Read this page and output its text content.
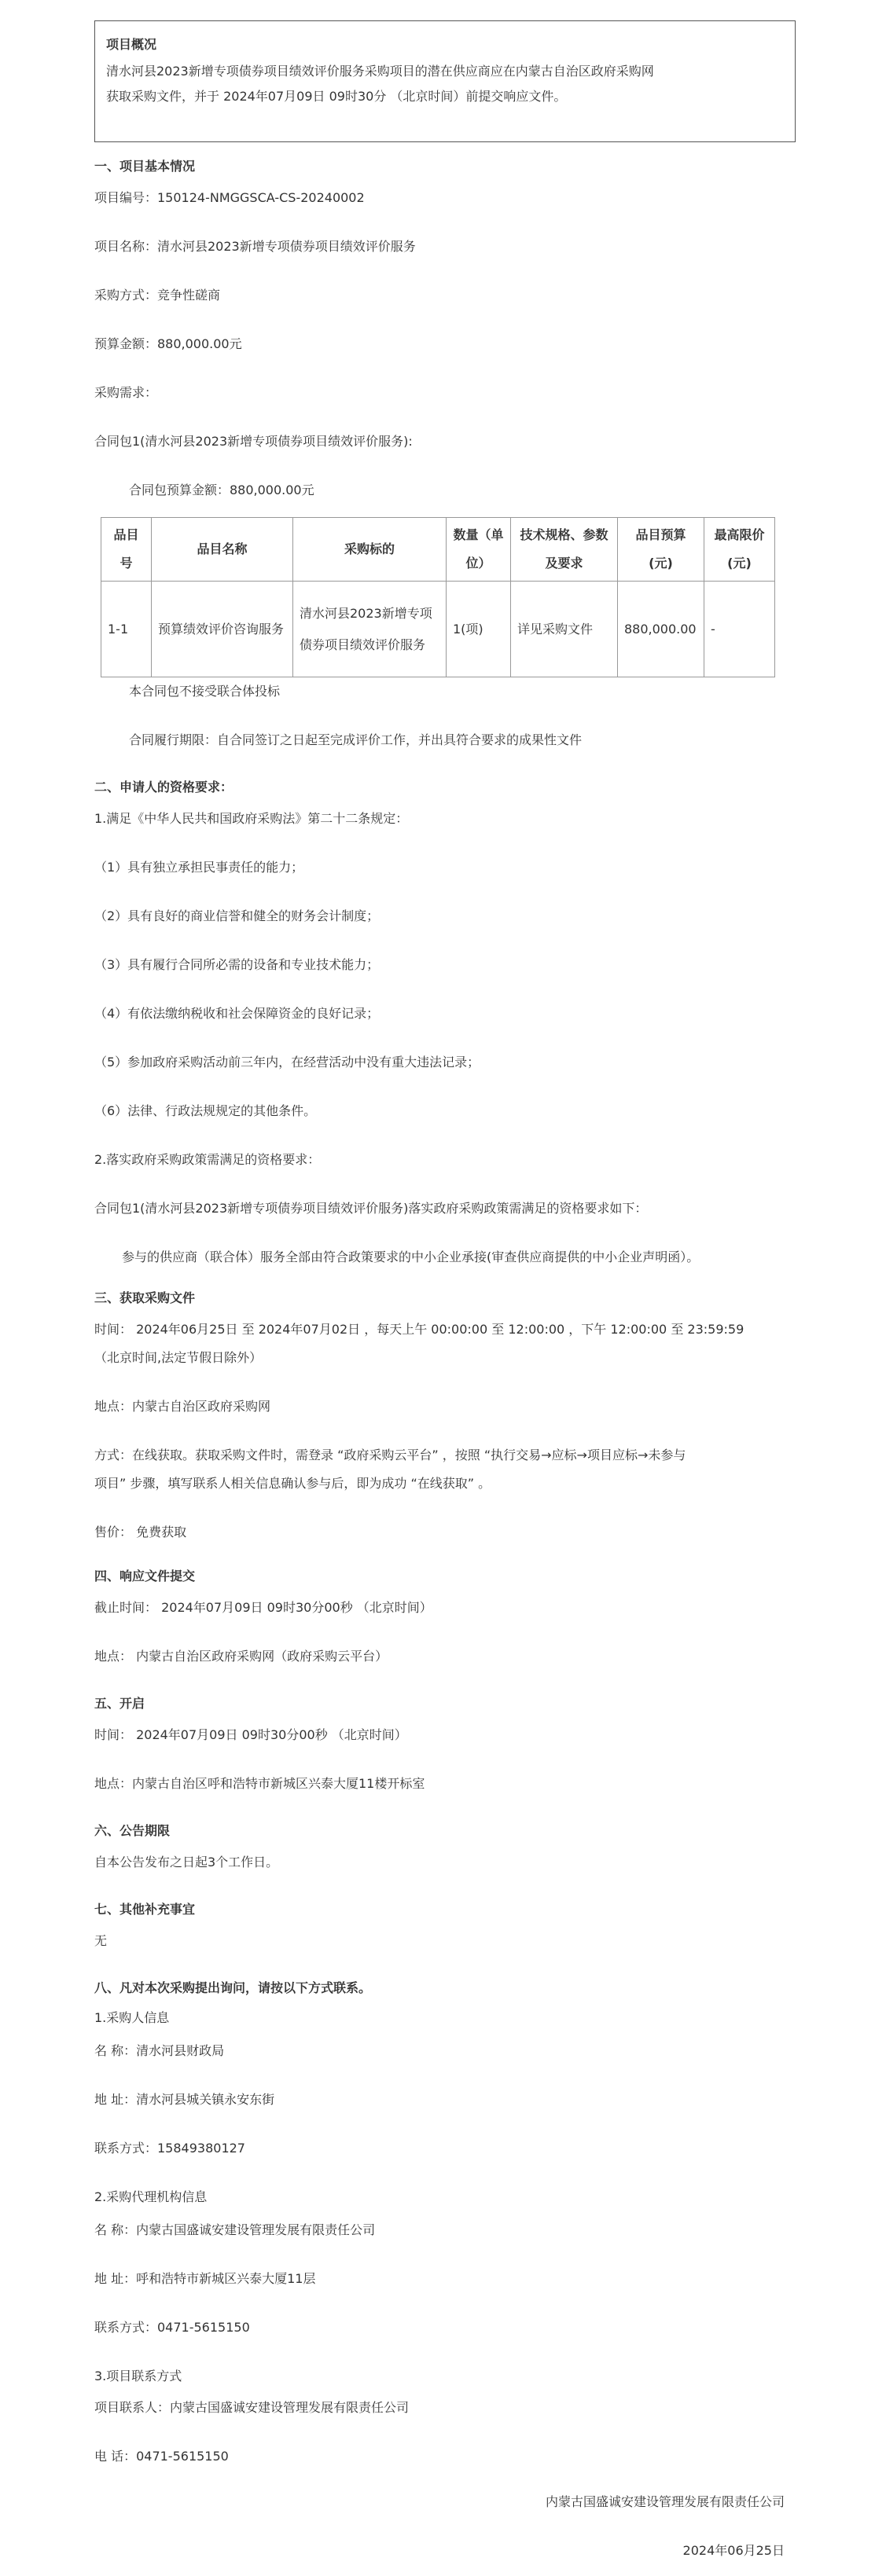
项目概况
清水河县2023新增专项债券项目绩效评价服务采购项目的潜在供应商应在内蒙古自治区政府采购网
获取采购文件，并于 2024年07月09日 09时30分 （北京时间）前提交响应文件。
一、项目基本情况
项目编号：150124-NMGGSCA-CS-20240002
项目名称：清水河县2023新增专项债券项目绩效评价服务
采购方式：竞争性磋商
预算金额：880,000.00元
采购需求：
合同包1(清水河县2023新增专项债券项目绩效评价服务):
合同包预算金额：880,000.00元
品目号	品目名称	采购标的	数量（单位）	技术规格、参数及要求	品目预算(元)	最高限价(元)
1-1	预算绩效评价咨询服务	清水河县2023新增专项债券项目绩效评价服务	1(项)	详见采购文件	880,000.00	-
本合同包不接受联合体投标
合同履行期限：自合同签订之日起至完成评价工作，并出具符合要求的成果性文件
二、申请人的资格要求：
1.满足《中华人民共和国政府采购法》第二十二条规定：
（1）具有独立承担民事责任的能力；
（2）具有良好的商业信誉和健全的财务会计制度；
（3）具有履行合同所必需的设备和专业技术能力；
（4）有依法缴纳税收和社会保障资金的良好记录；
（5）参加政府采购活动前三年内，在经营活动中没有重大违法记录；
（6）法律、行政法规规定的其他条件。
2.落实政府采购政策需满足的资格要求：
合同包1(清水河县2023新增专项债券项目绩效评价服务)落实政府采购政策需满足的资格要求如下：
参与的供应商（联合体）服务全部由符合政策要求的中小企业承接(审查供应商提供的中小企业声明函）。
三、获取采购文件
时间： 2024年06月25日 至 2024年07月02日 ，每天上午 00:00:00 至 12:00:00 ，下午 12:00:00 至 23:59:59
（北京时间,法定节假日除外）
地点：内蒙古自治区政府采购网
方式：在线获取。获取采购文件时，需登录 “政府采购云平台” ，按照 “执行交易→应标→项目应标→未参与
项目” 步骤，填写联系人相关信息确认参与后，即为成功 “在线获取” 。
售价： 免费获取
四、响应文件提交
截止时间： 2024年07月09日 09时30分00秒 （北京时间）
地点： 内蒙古自治区政府采购网（政府采购云平台）
五、开启
时间： 2024年07月09日 09时30分00秒 （北京时间）
地点：内蒙古自治区呼和浩特市新城区兴泰大厦11楼开标室
六、公告期限
自本公告发布之日起3个工作日。
七、其他补充事宜
无
八、凡对本次采购提出询问，请按以下方式联系。
1.采购人信息
名 称：清水河县财政局
地 址：清水河县城关镇永安东街
联系方式：15849380127
2.采购代理机构信息
名 称：内蒙古国盛诚安建设管理发展有限责任公司
地 址：呼和浩特市新城区兴泰大厦11层
联系方式：0471-5615150
3.项目联系方式
项目联系人：内蒙古国盛诚安建设管理发展有限责任公司
电 话：0471-5615150
内蒙古国盛诚安建设管理发展有限责任公司
2024年06月25日
